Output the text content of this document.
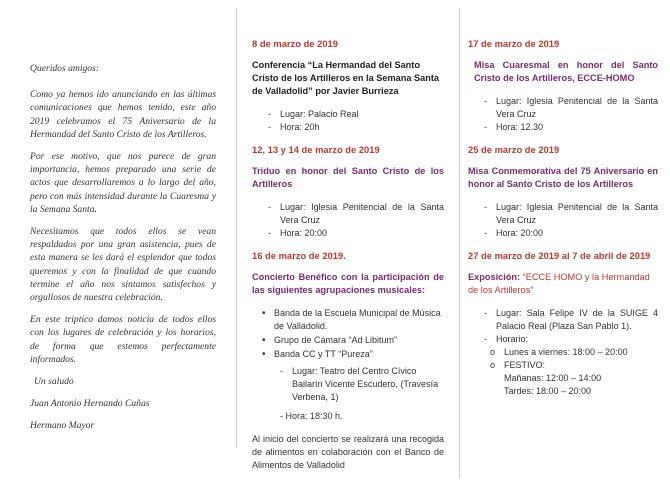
Queridos amigos:

Como ya hemos ido anunciando en las últimas comunicaciones que hemos tenido, este año 2019 celebramos el 75 Aniversario de la Hermandad del Santo Cristo de los Artilleros.

Por ese motivo, que nos parece de gran importancia, hemos preparado una serie de actos que desarrollaremos a lo largo del año, pero con más intensidad durante la Cuaresma y la Semana Santa.

Necesitamos que todos ellos se vean respaldados por una gran asistencia, pues de esta manera se les dará el esplendor que todos queremos y con la finalidad de que cuando termine el año nos sintamos satisfechos y orgullosos de nuestra celebración.

En este tríptico damos noticia de todos ellos con los lugares de celebración y los horarios, de forma que estemos perfectamente informados.

Un saludo

Juan Antonio Hernando Cañas

Hermano Mayor

8 de marzo de 2019
Conferencia “La Hermandad del Santo Cristo de los Artilleros en la Semana Santa de Valladolid” por Javier Burrieza
- Lugar: Palacio Real
- Hora: 20h
12, 13 y 14 de marzo de 2019
Triduo en honor del Santo Cristo de los Artilleros
- Lugar: Iglesia Penitencial de la Santa Vera Cruz
- Hora: 20:00
16 de marzo de 2019.
Concierto Benéfico con la participación de las siguientes agrupaciones musicales:
• Banda de la Escuela Municipal de Música de Valladolid.
• Grupo de Cámara “Ad Libitum”
• Banda CC y TT “Pureza”
- Lugar: Teatro del Centro Cívico Bailarín Vicente Escudero, (Travesía Verbena, 1)
- Hora: 18:30 h.
Al inicio del concierto se realizará una recogida de alimentos en colaboración con el Banco de Alimentos de Valladolid
17 de marzo de 2019
Misa Cuaresmal en honor del Santo Cristo de los Artilleros, ECCE-HOMO
- Lugar: Iglesia Penitencial de la Santa Vera Cruz
- Hora: 12.30
25 de marzo de 2019
Misa Conmemorativa del 75 Aniversario en honor al Santo Cristo de los Artilleros
- Lugar: Iglesia Penitencial de la Santa Vera Cruz
- Hora: 20:00
27 de marzo de 2019 al 7 de abril de 2019
Exposición: “ECCE HOMO y la Hermandad de los Artilleros”
- Lugar: Sala Felipe IV de la SUIGE 4 Palacio Real (Plaza San Pablo 1).
- Horario:
o Lunes a viernes: 18:00 – 20:00
o FESTIVO:
Mañanas: 12:00 – 14:00
Tardes: 18:00 – 20:00
